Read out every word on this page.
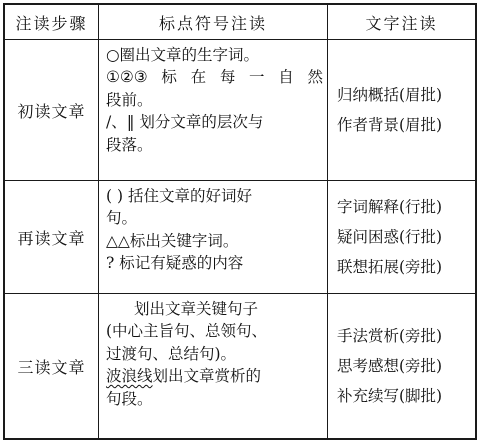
注读步骤	标点符号注读	文字注读
初读文章
○圈出文章的生字词。
①②③ 标 在 每 一 自 然
段前。
/、‖ 划分文章的层次与
段落。
归纳概括(眉批)
作者背景(眉批)
再读文章
( ) 括住文章的好词好
句。
△△标出关键字词。
? 标记有疑惑的内容
字词解释(行批)
疑问困惑(行批)
联想拓展(旁批)
三读文章
划出文章关键句子
(中心主旨句、总领句、
过渡句、总结句)。
波浪线划出文章赏析的
句段。
手法赏析(旁批)
思考感想(旁批)
补充续写(脚批)
